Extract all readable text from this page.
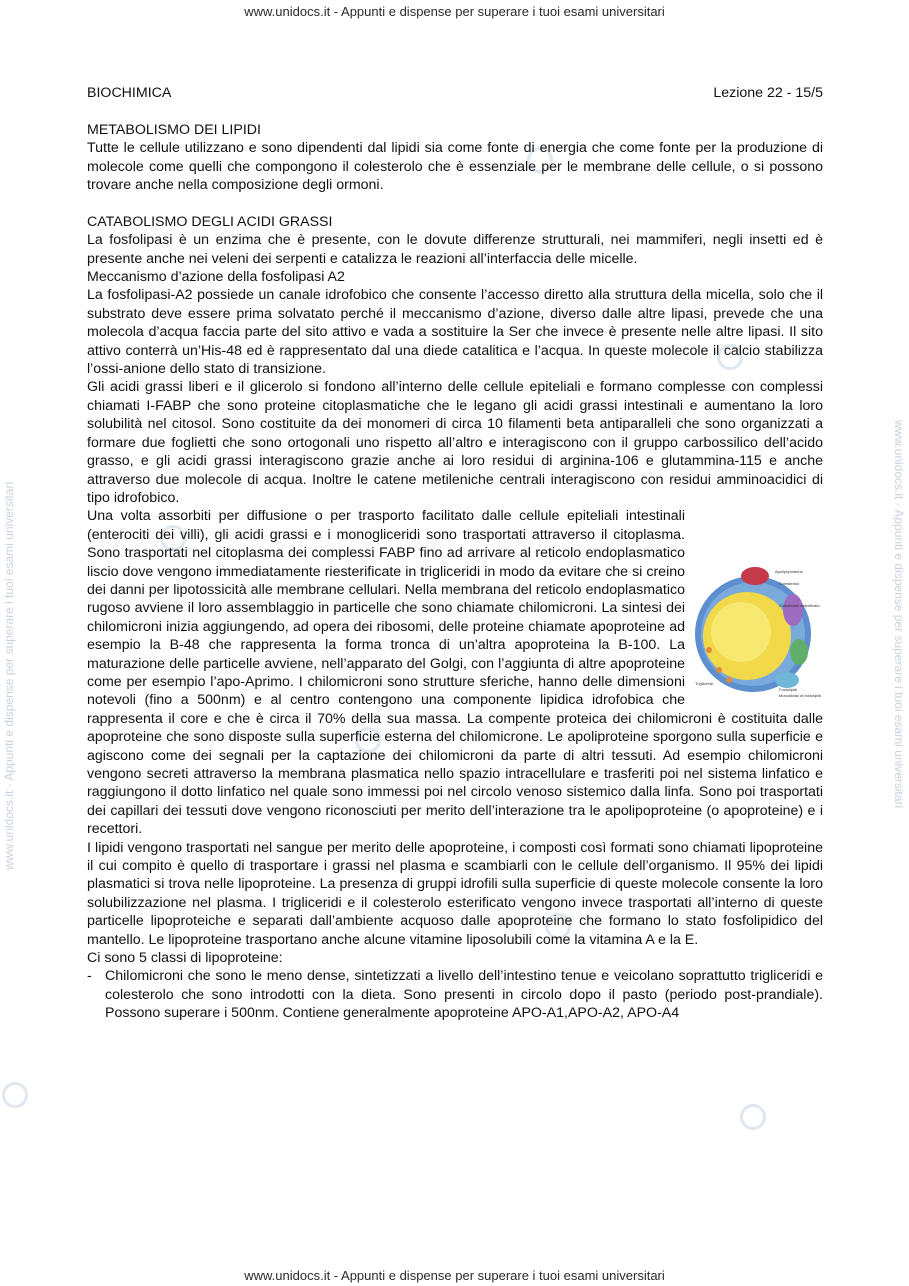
www.unidocs.it - Appunti e dispense per superare i tuoi esami universitari
www.unidocs.it - Appunti e dispense per superare i tuoi esami universitari
www.unidocs.it - Appunti e dispense per superare i tuoi esami universitari	www.unidocs.it - Appunti e dispense per superare i tuoi esami universitari
BIOCHIMICA	Lezione 22 - 15/5
METABOLISMO DEI LIPIDI

Tutte le cellule utilizzano e sono dipendenti dal lipidi sia come fonte di energia che come fonte per la produzione di molecole come quelli che compongono il colesterolo che è essenziale per le membrane delle cellule, o si possono trovare anche nella composizione degli ormoni.

CATABOLISMO DEGLI ACIDI GRASSI

La fosfolipasi è un enzima che è presente, con le dovute differenze strutturali, nei mammiferi, negli insetti ed è presente anche nei veleni dei serpenti e catalizza le reazioni all’interfaccia delle micelle.

Meccanismo d’azione della fosfolipasi A2

La fosfolipasi-A2 possiede un canale idrofobico che consente l’accesso diretto alla struttura della micella, solo che il substrato deve essere prima solvatato perché il meccanismo d’azione, diverso dalle altre lipasi, prevede che una molecola d’acqua faccia parte del sito attivo e vada a sostituire la Ser che invece è presente nelle altre lipasi. Il sito attivo conterrà un’His-48 ed è rappresentato dal una diede catalitica e l’acqua. In queste molecole il calcio stabilizza l’ossi-anione dello stato di transizione.

Gli acidi grassi liberi e il glicerolo si fondono all’interno delle cellule epiteliali e formano complesse con complessi chiamati I-FABP che sono proteine citoplasmatiche che le legano gli acidi grassi intestinali e aumentano la loro solubilità nel citosol. Sono costituite da dei monomeri di circa 10 filamenti beta antiparalleli che sono organizzati a formare due foglietti che sono ortogonali uno rispetto all’altro e interagiscono con il gruppo carbossilico dell’acido grasso, e gli acidi grassi interagiscono grazie anche ai loro residui di arginina-106 e glutammina-115 e anche attraverso due molecole di acqua. Inoltre le catene metileniche centrali interagiscono con residui amminoacidici di tipo idrofobico.

Apolipoproteine
Colesterolo
Colesterolo esterificato
Trigliceridi
Fosfolipidi
Monostrato di fosfolipidi

Una volta assorbiti per diffusione o per trasporto facilitato dalle cellule epiteliali intestinali (enterociti dei villi), gli acidi grassi e i monogliceridi sono trasportati attraverso il citoplasma. Sono trasportati nel citoplasma dei complessi FABP fino ad arrivare al reticolo endoplasmatico liscio dove vengono immediatamente riesterificate in trigliceridi in modo da evitare che si creino dei danni per lipotossicità alle membrane cellulari. Nella membrana del reticolo endoplasmatico rugoso avviene il loro assemblaggio in particelle che sono chiamate chilomicroni. La sintesi dei chilomicroni inizia aggiungendo, ad opera dei ribosomi, delle proteine chiamate apoproteine ad esempio la B-48 che rappresenta la forma tronca di un’altra apoproteina la B-100. La maturazione delle particelle avviene, nell’apparato del Golgi, con l’aggiunta di altre apoproteine come per esempio l’apo-Aprimo. I chilomicroni sono strutture sferiche, hanno delle dimensioni notevoli (fino a 500nm) e al centro contengono una componente lipidica idrofobica che rappresenta il core e che è circa il 70% della sua massa. La compente proteica dei chilomicroni è costituita dalle apoproteine che sono disposte sulla superficie esterna del chilomicrone. Le apoliproteine sporgono sulla superficie e agiscono come dei segnali per la captazione dei chilomicroni da parte di altri tessuti. Ad esempio chilomicroni vengono secreti attraverso la membrana plasmatica nello spazio intracellulare e trasferiti poi nel sistema linfatico e raggiungono il dotto linfatico nel quale sono immessi poi nel circolo venoso sistemico dalla linfa. Sono poi trasportati dei capillari dei tessuti dove vengono riconosciuti per merito dell’interazione tra le apolipoproteine (o apoproteine) e i recettori.

I lipidi vengono trasportati nel sangue per merito delle apoproteine, i composti così formati sono chiamati lipoproteine il cui compito è quello di trasportare i grassi nel plasma e scambiarli con le cellule dell’organismo. Il 95% dei lipidi plasmatici si trova nelle lipoproteine. La presenza di gruppi idrofili sulla superficie di queste molecole consente la loro solubilizzazione nel plasma. I trigliceridi e il colesterolo esterificato vengono invece trasportati all’interno di queste particelle lipoproteiche e separati dall’ambiente acquoso dalle apoproteine che formano lo stato fosfolipidico del mantello. Le lipoproteine trasportano anche alcune vitamine liposolubili come la vitamina A e la E.

Ci sono 5 classi di lipoproteine:
- Chilomicroni che sono le meno dense, sintetizzati a livello dell’intestino tenue e veicolano soprattutto trigliceridi e colesterolo che sono introdotti con la dieta. Sono presenti in circolo dopo il pasto (periodo post-prandiale). Possono superare i 500nm. Contiene generalmente apoproteine APO-A1,APO-A2, APO-A4
